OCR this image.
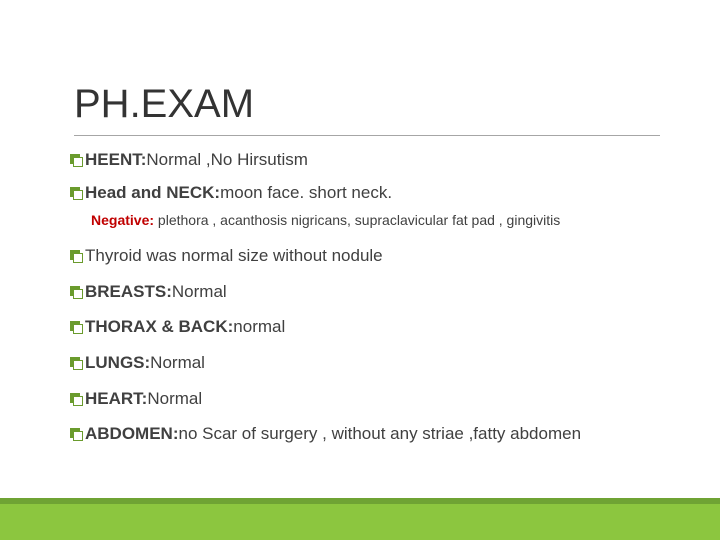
PH.EXAM
HEENT: Normal ,No Hirsutism
Head and NECK: moon face. short neck.
Negative: plethora , acanthosis nigricans, supraclavicular fat pad , gingivitis
Thyroid was normal size without nodule
BREASTS: Normal
THORAX & BACK: normal
LUNGS: Normal
HEART: Normal
ABDOMEN: no Scar of surgery , without any striae ,fatty abdomen
